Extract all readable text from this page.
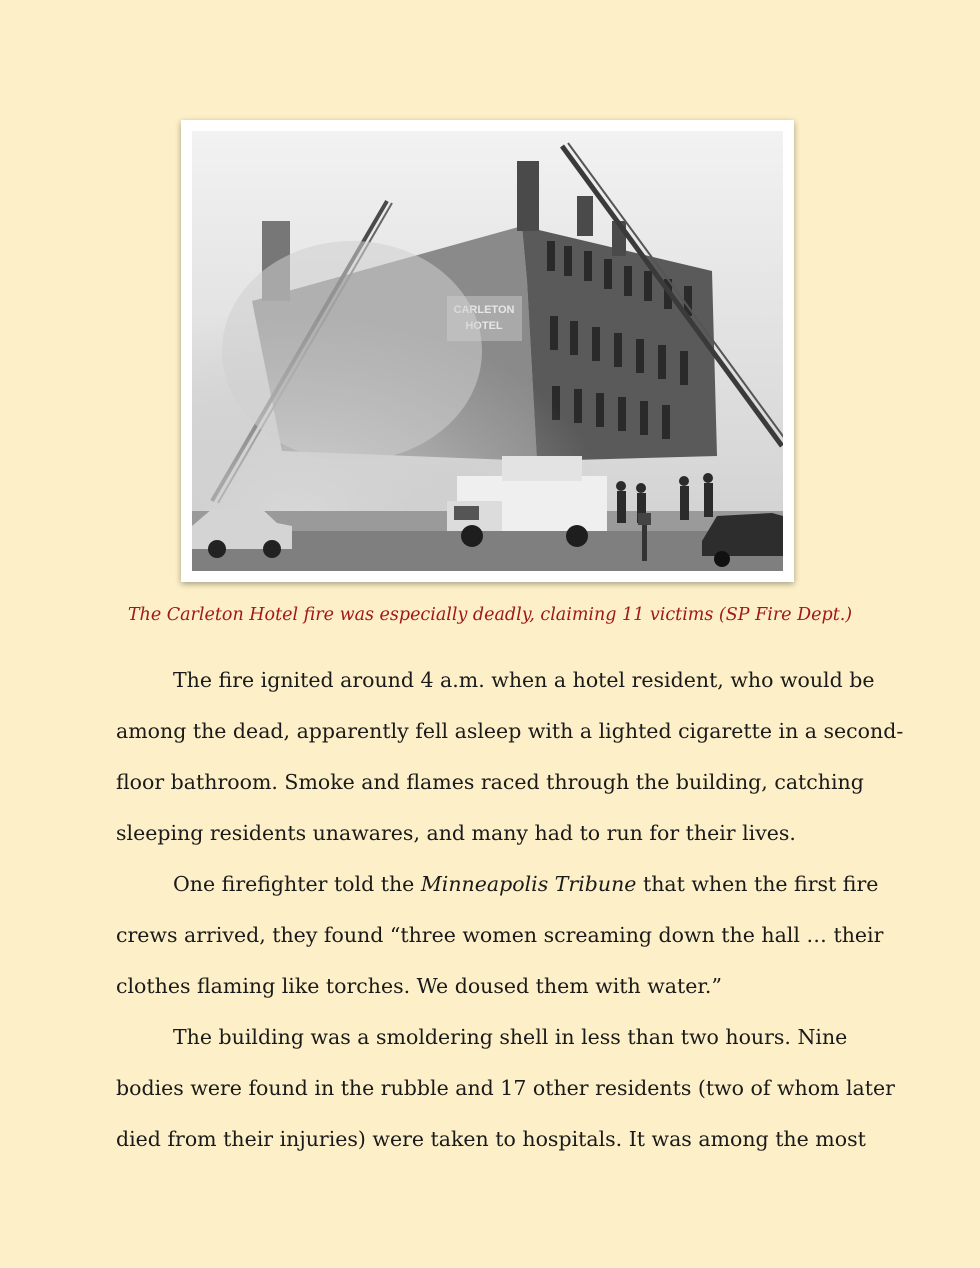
The Carleton Hotel fire was especially deadly, claiming 11 victims (SP Fire Dept.)
The fire ignited around 4 a.m. when a hotel resident, who would be
among the dead, apparently fell asleep with a lighted cigarette in a second-
floor bathroom. Smoke and flames raced through the building, catching
sleeping residents unawares, and many had to run for their lives.
One firefighter told the Minneapolis Tribune that when the first fire
crews arrived, they found “three women screaming down the hall … their
clothes flaming like torches. We doused them with water.”
The building was a smoldering shell in less than two hours. Nine
bodies were found in the rubble and 17 other residents (two of whom later
died from their injuries) were taken to hospitals. It was among the most
